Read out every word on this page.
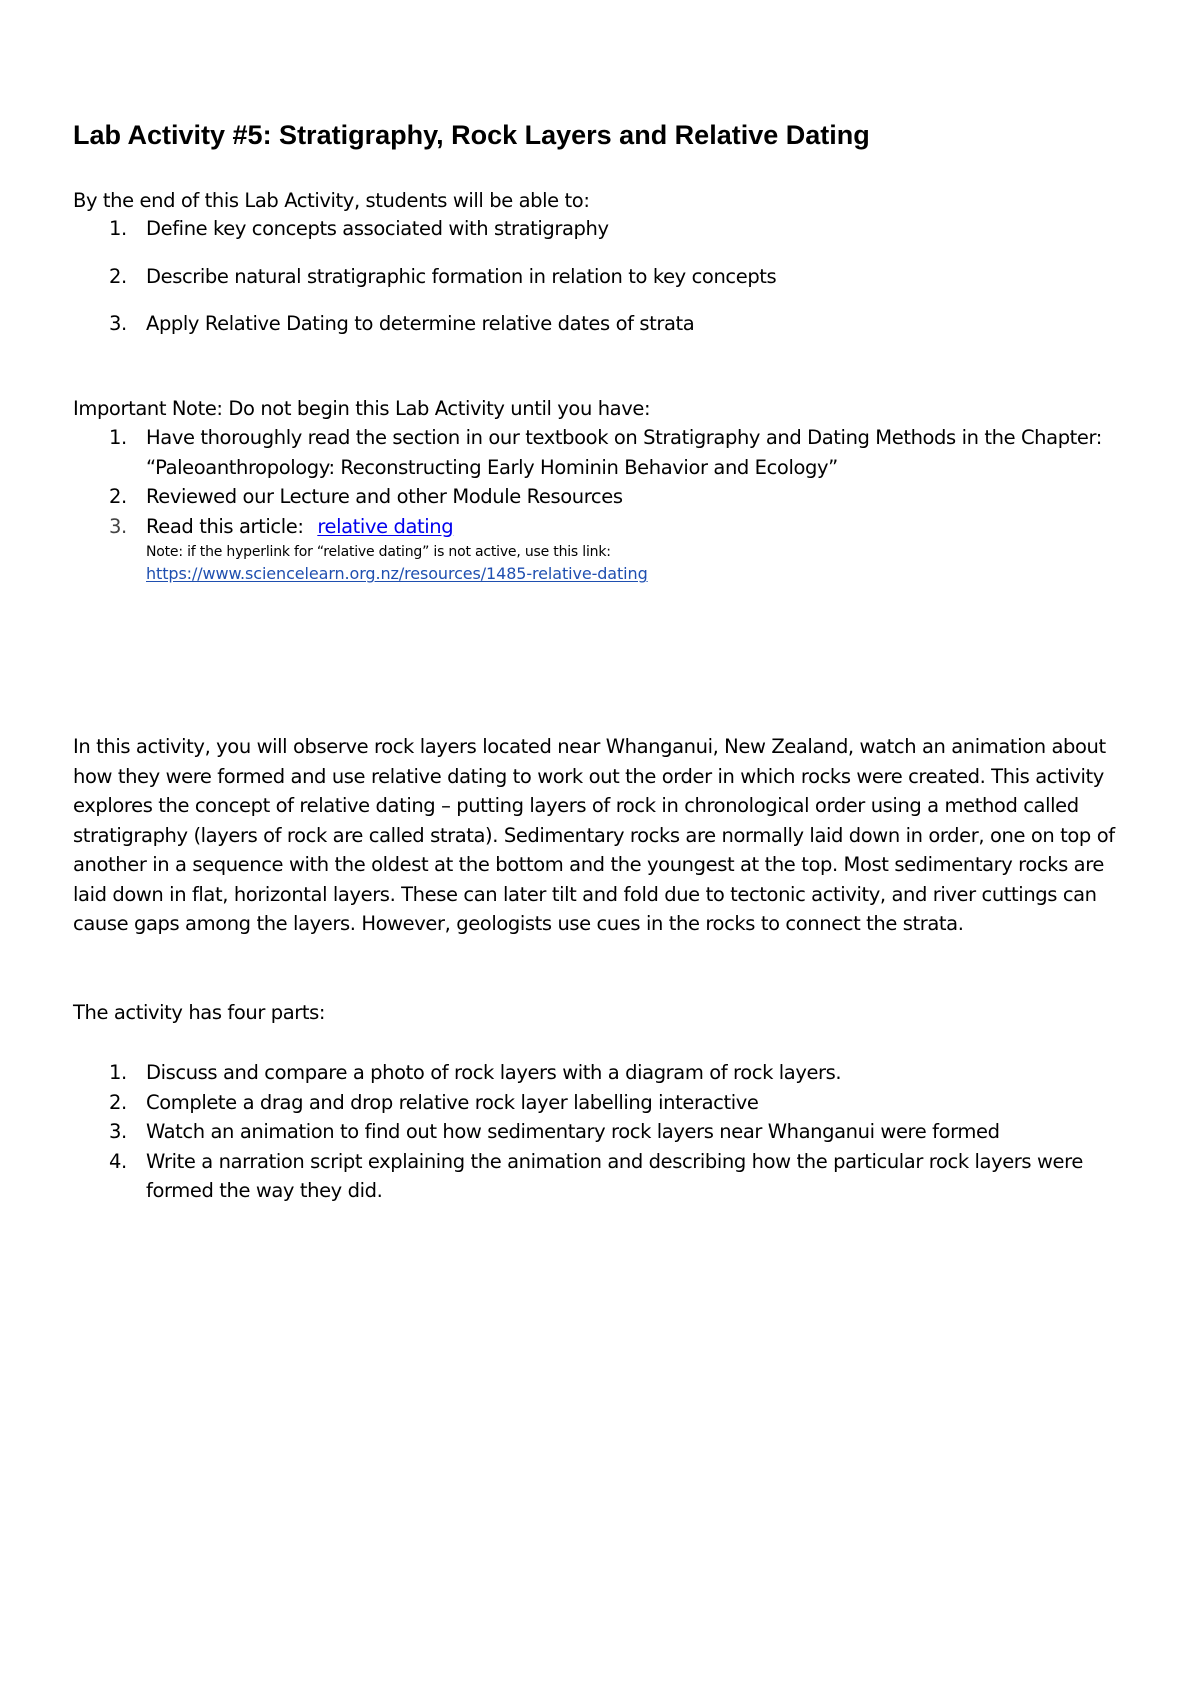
Lab Activity #5: Stratigraphy, Rock Layers and Relative Dating
By the end of this Lab Activity, students will be able to:
1. Define key concepts associated with stratigraphy
2. Describe natural stratigraphic formation in relation to key concepts
3. Apply Relative Dating to determine relative dates of strata
Important Note: Do not begin this Lab Activity until you have:
1. Have thoroughly read the section in our textbook on Stratigraphy and Dating Methods in the Chapter: “Paleoanthropology: Reconstructing Early Hominin Behavior and Ecology”
2. Reviewed our Lecture and other Module Resources
3. Read this article: relative dating
Note: if the hyperlink for “relative dating” is not active, use this link:
https://www.sciencelearn.org.nz/resources/1485-relative-dating
In this activity, you will observe rock layers located near Whanganui, New Zealand, watch an animation about how they were formed and use relative dating to work out the order in which rocks were created. This activity explores the concept of relative dating – putting layers of rock in chronological order using a method called stratigraphy (layers of rock are called strata). Sedimentary rocks are normally laid down in order, one on top of another in a sequence with the oldest at the bottom and the youngest at the top. Most sedimentary rocks are laid down in flat, horizontal layers. These can later tilt and fold due to tectonic activity, and river cuttings can cause gaps among the layers. However, geologists use cues in the rocks to connect the strata.
The activity has four parts:
1. Discuss and compare a photo of rock layers with a diagram of rock layers.
2. Complete a drag and drop relative rock layer labelling interactive
3. Watch an animation to find out how sedimentary rock layers near Whanganui were formed
4. Write a narration script explaining the animation and describing how the particular rock layers were formed the way they did.
